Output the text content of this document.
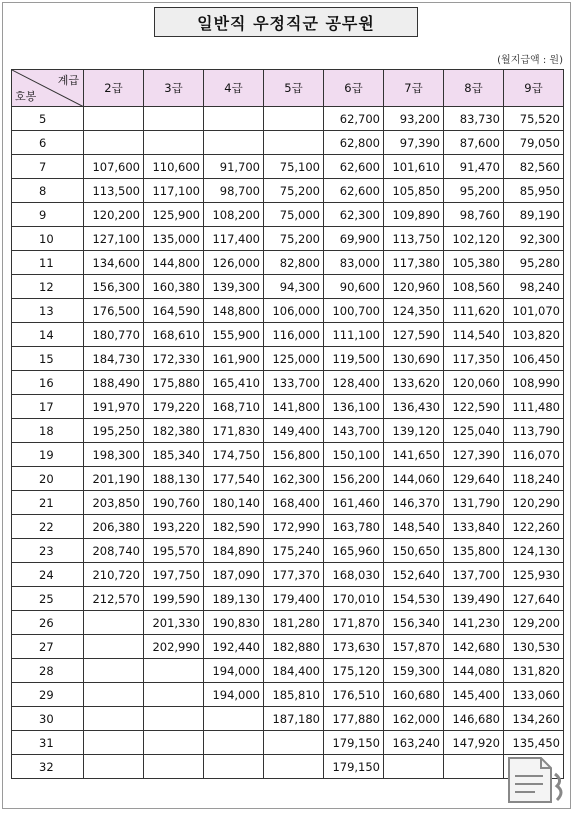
일반직 우정직군 공무원
(월지급액 : 원)
계급
호봉	2급	3급	4급	5급	6급	7급	8급	9급
5					62,700	93,200	83,730	75,520
6					62,800	97,390	87,600	79,050
7	107,600	110,600	91,700	75,100	62,600	101,610	91,470	82,560
8	113,500	117,100	98,700	75,200	62,600	105,850	95,200	85,950
9	120,200	125,900	108,200	75,000	62,300	109,890	98,760	89,190
10	127,100	135,000	117,400	75,200	69,900	113,750	102,120	92,300
11	134,600	144,800	126,000	82,800	83,000	117,380	105,380	95,280
12	156,300	160,380	139,300	94,300	90,600	120,960	108,560	98,240
13	176,500	164,590	148,800	106,000	100,700	124,350	111,620	101,070
14	180,770	168,610	155,900	116,000	111,100	127,590	114,540	103,820
15	184,730	172,330	161,900	125,000	119,500	130,690	117,350	106,450
16	188,490	175,880	165,410	133,700	128,400	133,620	120,060	108,990
17	191,970	179,220	168,710	141,800	136,100	136,430	122,590	111,480
18	195,250	182,380	171,830	149,400	143,700	139,120	125,040	113,790
19	198,300	185,340	174,750	156,800	150,100	141,650	127,390	116,070
20	201,190	188,130	177,540	162,300	156,200	144,060	129,640	118,240
21	203,850	190,760	180,140	168,400	161,460	146,370	131,790	120,290
22	206,380	193,220	182,590	172,990	163,780	148,540	133,840	122,260
23	208,740	195,570	184,890	175,240	165,960	150,650	135,800	124,130
24	210,720	197,750	187,090	177,370	168,030	152,640	137,700	125,930
25	212,570	199,590	189,130	179,400	170,010	154,530	139,490	127,640
26		201,330	190,830	181,280	171,870	156,340	141,230	129,200
27		202,990	192,440	182,880	173,630	157,870	142,680	130,530
28			194,000	184,400	175,120	159,300	144,080	131,820
29			194,000	185,810	176,510	160,680	145,400	133,060
30				187,180	177,880	162,000	146,680	134,260
31					179,150	163,240	147,920	135,450
32					179,150			
